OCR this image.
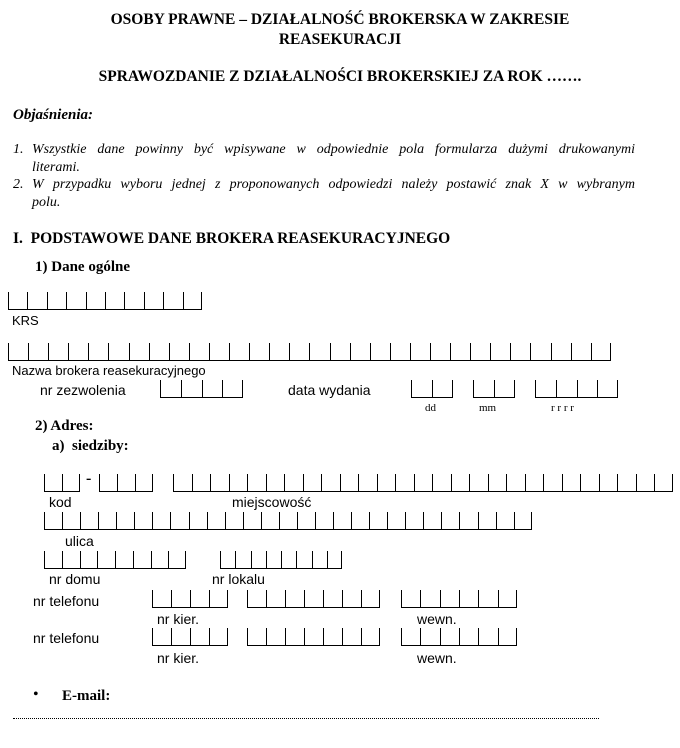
OSOBY PRAWNE – DZIAŁALNOŚĆ BROKERSKA W ZAKRESIE
REASEKURACJI
SPRAWOZDANIE Z DZIAŁALNOŚCI BROKERSKIEJ ZA ROK …….
Objaśnienia:
1. Wszystkie dane powinny być wpisywane w odpowiednie pola formularza dużymi drukowanymi
literami.
2. W przypadku wyboru jednej z proponowanych odpowiedzi należy postawić znak X w wybranym
polu.
I.  PODSTAWOWE DANE BROKERA REASEKURACYJNEGO
1) Dane ogólne
KRS
Nazwa brokera reasekuracyjnego
nr zezwolenia	data wydania
dd	mm	r r r r
2) Adres:
a)  siedziby:
-
kod	miejscowość
ulica
nr domu	nr lokalu
nr telefonu
nr kier.	wewn.
nr telefonu
nr kier.	wewn.
• E-mail:
